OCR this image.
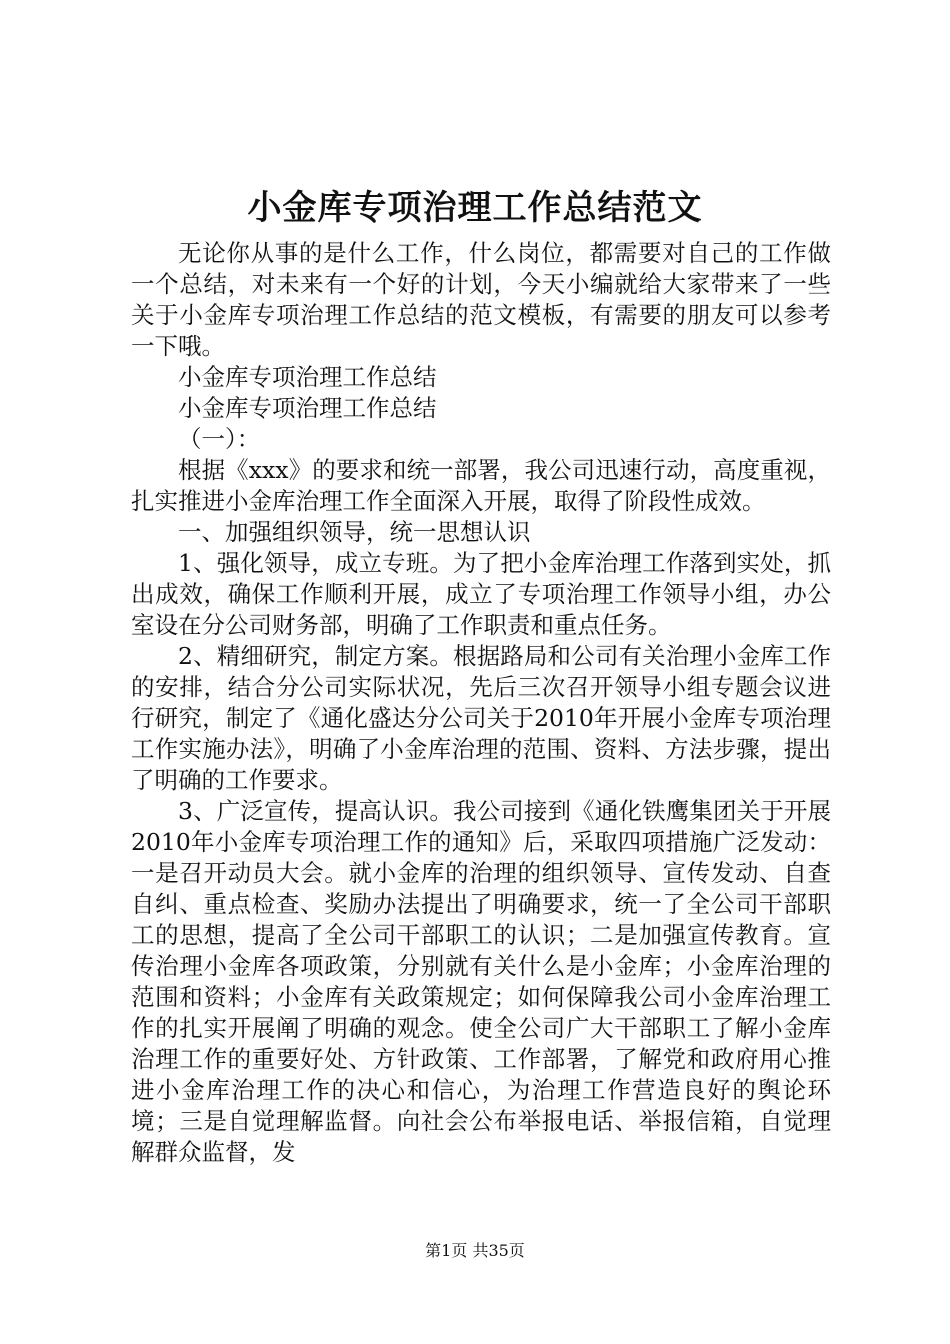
小金库专项治理工作总结范文

无论你从事的是什么工作，什么岗位，都需要对自己的工作做一个总结，对未来有一个好的计划，今天小编就给大家带来了一些关于小金库专项治理工作总结的范文模板，有需要的朋友可以参考一下哦。

小金库专项治理工作总结

小金库专项治理工作总结

（一）：

根据《xxx》的要求和统一部署，我公司迅速行动，高度重视，扎实推进小金库治理工作全面深入开展，取得了阶段性成效。

一、加强组织领导，统一思想认识

1、强化领导，成立专班。为了把小金库治理工作落到实处，抓出成效，确保工作顺利开展，成立了专项治理工作领导小组，办公室设在分公司财务部，明确了工作职责和重点任务。

2、精细研究，制定方案。根据路局和公司有关治理小金库工作的安排，结合分公司实际状况，先后三次召开领导小组专题会议进行研究，制定了《通化盛达分公司关于2010年开展小金库专项治理工作实施办法》，明确了小金库治理的范围、资料、方法步骤，提出了明确的工作要求。

3、广泛宣传，提高认识。我公司接到《通化铁鹰集团关于开展2010年小金库专项治理工作的通知》后，采取四项措施广泛发动：一是召开动员大会。就小金库的治理的组织领导、宣传发动、自查自纠、重点检查、奖励办法提出了明确要求，统一了全公司干部职工的思想，提高了全公司干部职工的认识；二是加强宣传教育。宣传治理小金库各项政策，分别就有关什么是小金库；小金库治理的范围和资料；小金库有关政策规定；如何保障我公司小金库治理工作的扎实开展阐了明确的观念。使全公司广大干部职工了解小金库治理工作的重要好处、方针政策、工作部署，了解党和政府用心推进小金库治理工作的决心和信心，为治理工作营造良好的舆论环境；三是自觉理解监督。向社会公布举报电话、举报信箱，自觉理解群众监督，发

第1页 共35页
